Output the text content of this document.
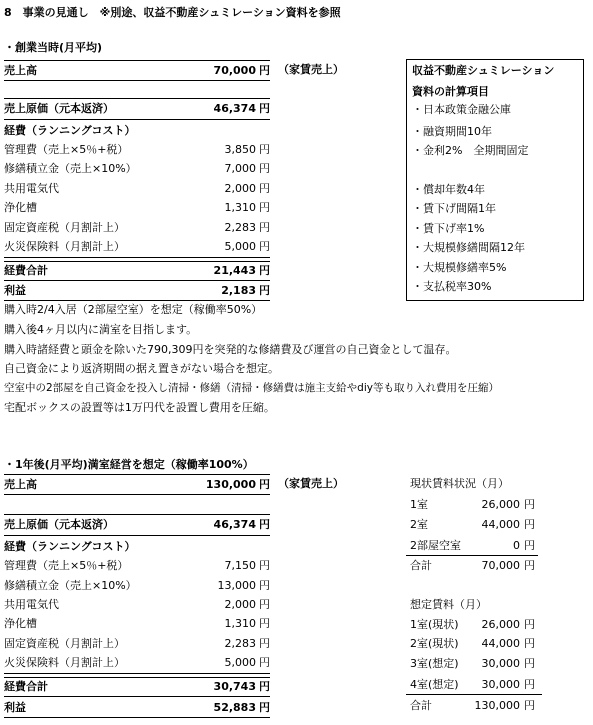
8　事業の見通し　※別途、収益不動産シュミレーション資料を参照
・創業当時(月平均)
売上高	70,000 円 （家賃売上）
売上原価（元本返済）	46,374 円
経費（ランニングコスト）
管理費（売上×5％+税）	3,850 円
修繕積立金（売上×10%）	7,000 円
共用電気代	2,000 円
浄化槽	1,310 円
固定資産税（月割計上）	2,283 円
火災保険料（月割計上）	5,000 円
経費合計	21,443 円
利益	2,183 円
購入時2/4入居（2部屋空室）を想定（稼働率50%）
購入後4ヶ月以内に満室を目指します。
購入時諸経費と頭金を除いた790,309円を突発的な修繕費及び運営の自己資金として温存。
自己資金により返済期間の据え置きがない場合を想定。
空室中の2部屋を自己資金を投入し清掃・修繕（清掃・修繕費は施主支給やdiy等も取り入れ費用を圧縮）
宅配ボックスの設置等は1万円代を設置し費用を圧縮。
収益不動産シュミレーション
資料の計算項目
・日本政策金融公庫
・融資期間10年
・金利2%　全期間固定
・償却年数4年
・賃下げ間隔1年
・賃下げ率1%
・大規模修繕間隔12年
・大規模修繕率5%
・支払税率30%
・1年後(月平均)満室経営を想定（稼働率100%）
売上高	130,000 円 （家賃売上）
売上原価（元本返済）	46,374 円
経費（ランニングコスト）
管理費（売上×5％+税）	7,150 円
修繕積立金（売上×10%）	13,000 円
共用電気代	2,000 円
浄化槽	1,310 円
固定資産税（月割計上）	2,283 円
火災保険料（月割計上）	5,000 円
経費合計	30,743 円
利益	52,883 円
現状賃料状況（月）
1室	26,000 円
2室	44,000 円
2部屋空室	0 円
合計	70,000 円
想定賃料（月）
1室(現状)	26,000 円
2室(現状)	44,000 円
3室(想定)	30,000 円
4室(想定)	30,000 円
合計	130,000 円
